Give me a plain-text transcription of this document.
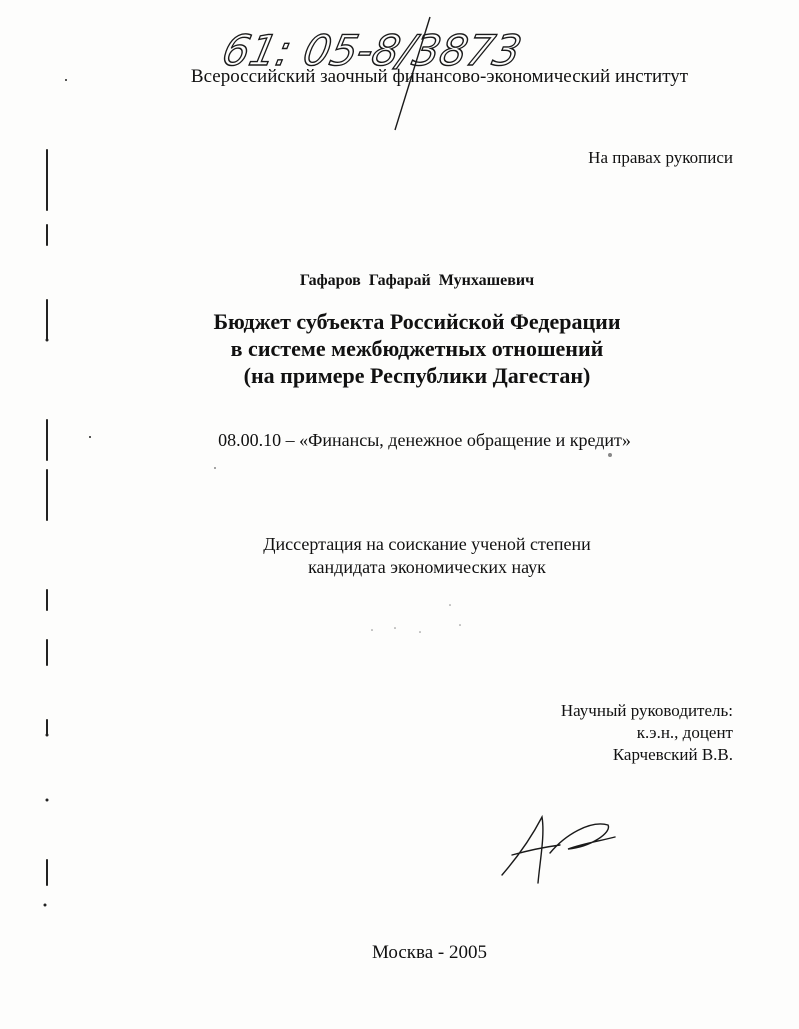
61: 05-8/3873
Всероссийский заочный финансово-экономический институт
На правах рукописи
Гафаров Гафарай Мунхашевич
Бюджет субъекта Российской Федерации
в системе межбюджетных отношений
(на примере Республики Дагестан)
08.00.10 – «Финансы, денежное обращение и кредит»
Диссертация на соискание ученой степени
кандидата экономических наук
Научный руководитель:
к.э.н., доцент
Карчевский В.В.
Москва - 2005
